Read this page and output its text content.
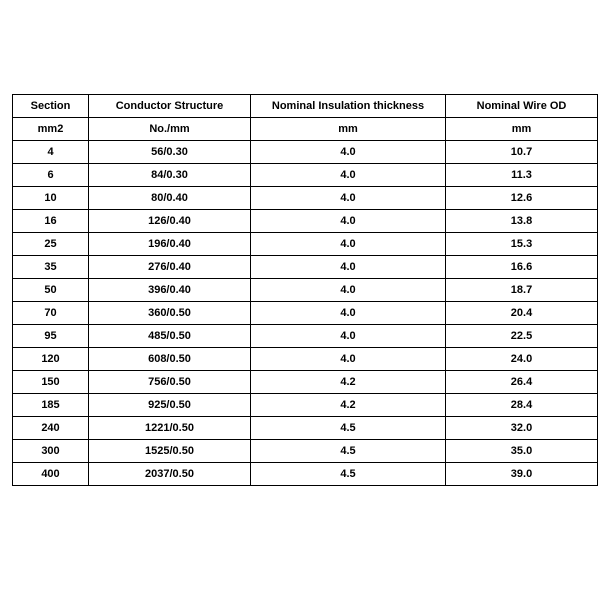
Section	Conductor Structure	Nominal Insulation thickness	Nominal Wire OD
mm2	No./mm	mm	mm
4	56/0.30	4.0	10.7
6	84/0.30	4.0	11.3
10	80/0.40	4.0	12.6
16	126/0.40	4.0	13.8
25	196/0.40	4.0	15.3
35	276/0.40	4.0	16.6
50	396/0.40	4.0	18.7
70	360/0.50	4.0	20.4
95	485/0.50	4.0	22.5
120	608/0.50	4.0	24.0
150	756/0.50	4.2	26.4
185	925/0.50	4.2	28.4
240	1221/0.50	4.5	32.0
300	1525/0.50	4.5	35.0
400	2037/0.50	4.5	39.0
